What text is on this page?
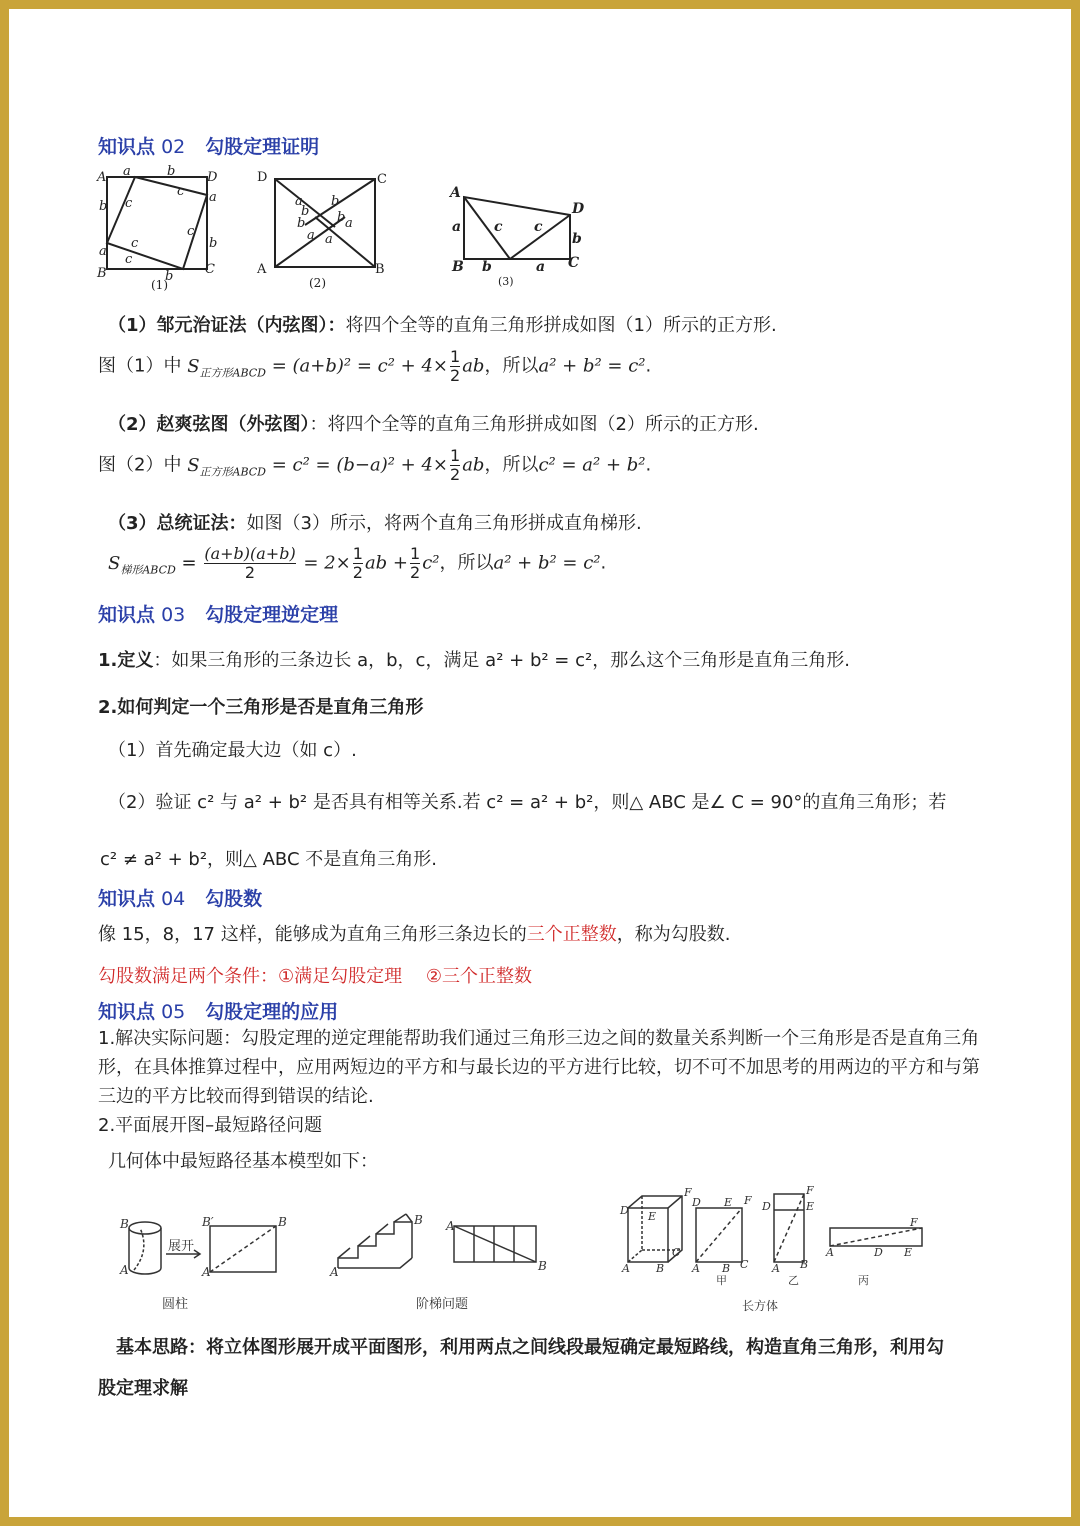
知识点 02 勾股定理证明
A	D
B	C
a	b
b
a
a
b
c
b
c
c
c
c
(1)
D	C
A	B
a b
b b
a a
b
a
(2)
A
D
B	C
a c c
b
b	a
(3)
（1）邹元治证法（内弦图）：将四个全等的直角三角形拼成如图（1）所示的正方形.
图（1）中 $S_{正方形ABCD} = (a+b)^2 = c^2 + 4\times \frac{1}{2}$ ab，所以a² + b² = c².
（2）赵爽弦图（外弦图）：将四个全等的直角三角形拼成如图（2）所示的正方形.
图（2）中 $S_{正方形ABCD} = c^2 = (b-a)^2 + 4\times \frac{1}{2}$ ab，所以c² = a² + b².
（3）总统证法：如图（3）所示，将两个直角三角形拼成直角梯形.
$S_{梯形ABCD} = \frac{(a+b)(a+b)}{2} = 2\times \frac{1}{2}$ ab + $\frac{1}{2} c^2$，所以a² + b² = c².
知识点 03 勾股定理逆定理
1.定义：如果三角形的三条边长 a，b，c，满足 a² + b² = c²，那么这个三角形是直角三角形.
2.如何判定一个三角形是否是直角三角形
（1）首先确定最大边（如 c）.
（2）验证 c² 与 a² + b² 是否具有相等关系.若 c² = a² + b²，则△ ABC 是∠ C = 90°的直角三角形；若
c² ≠ a² + b²，则△ ABC 不是直角三角形.
知识点 04 勾股数
像 15，8，17 这样，能够成为直角三角形三条边长的三个正整数，称为勾股数.
勾股数满足两个条件：①满足勾股定理　 ②三个正整数
知识点 05 勾股定理的应用
1.解决实际问题：勾股定理的逆定理能帮助我们通过三角形三边之间的数量关系判断一个三角形是否是直角三角形，在具体推算过程中，应用两短边的平方和与最长边的平方进行比较，切不可不加思考的用两边的平方和与第三边的平方比较而得到错误的结论.
2.平面展开图–最短路径问题
几何体中最短路径基本模型如下：
B
A
B′	B
A
展开
圆柱
A
B A
B
阶梯问题
D E
F
A B
C
D E F
A B C
D
F
E
A B
A	D E
F
甲	乙	丙
长方体
基本思路：将立体图形展开成平面图形，利用两点之间线段最短确定最短路线，构造直角三角形，利用勾
股定理求解
